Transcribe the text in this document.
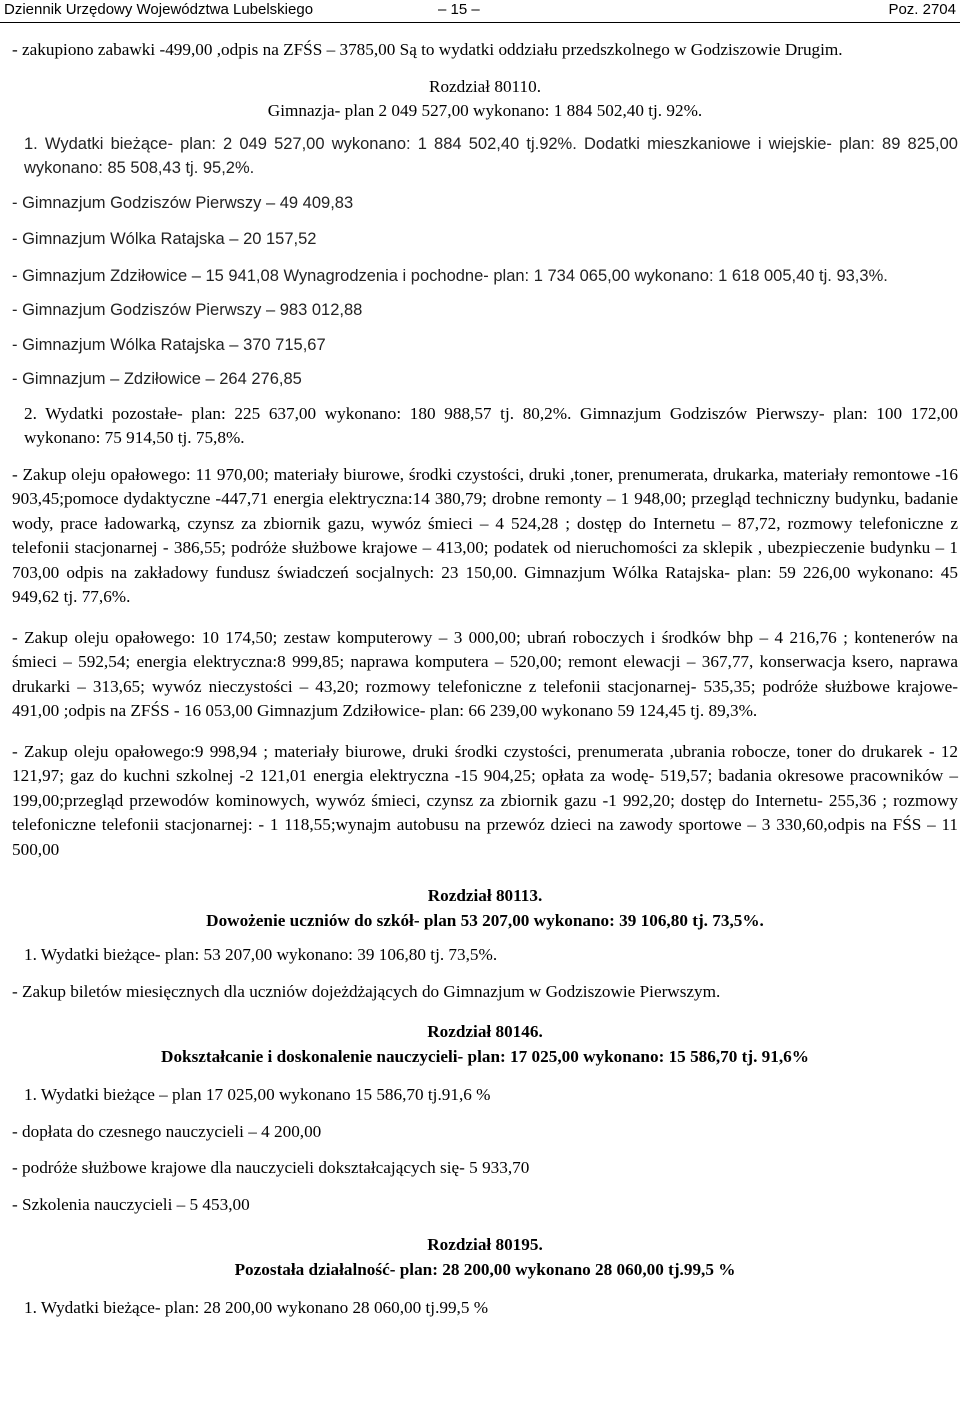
Dziennik Urzędowy Województwa Lubelskiego	– 15 –	Poz. 2704

- zakupiono zabawki -499,00 ,odpis na ZFŚS – 3785,00 Są to wydatki oddziału przedszkolnego w Godziszowie Drugim.

Rozdział 80110.

Gimnazja- plan 2 049 527,00 wykonano: 1 884 502,40 tj. 92%.

1. Wydatki bieżące- plan: 2 049 527,00 wykonano: 1 884 502,40 tj.92%. Dodatki mieszkaniowe i wiejskie- plan: 89 825,00 wykonano: 85 508,43 tj. 95,2%.

- Gimnazjum Godziszów Pierwszy – 49 409,83

- Gimnazjum Wólka Ratajska – 20 157,52

- Gimnazjum Zdziłowice – 15 941,08 Wynagrodzenia i pochodne- plan: 1 734 065,00 wykonano: 1 618 005,40 tj. 93,3%.

- Gimnazjum Godziszów Pierwszy – 983 012,88

- Gimnazjum Wólka Ratajska – 370 715,67

- Gimnazjum – Zdziłowice – 264 276,85

2. Wydatki pozostałe- plan: 225 637,00 wykonano: 180 988,57 tj. 80,2%. Gimnazjum Godziszów Pierwszy- plan: 100 172,00 wykonano: 75 914,50 tj. 75,8%.

- Zakup oleju opałowego: 11 970,00; materiały biurowe, środki czystości, druki ,toner, prenumerata, drukarka, materiały remontowe -16 903,45;pomoce dydaktyczne -447,71 energia elektryczna:14 380,79; drobne remonty – 1 948,00; przegląd techniczny budynku, badanie wody, prace ładowarką, czynsz za zbiornik gazu, wywóz śmieci – 4 524,28 ; dostęp do Internetu – 87,72, rozmowy telefoniczne z telefonii stacjonarnej - 386,55; podróże służbowe krajowe – 413,00; podatek od nieruchomości za sklepik , ubezpieczenie budynku – 1 703,00 odpis na zakładowy fundusz świadczeń socjalnych: 23 150,00. Gimnazjum Wólka Ratajska- plan: 59 226,00 wykonano: 45 949,62 tj. 77,6%.

- Zakup oleju opałowego: 10 174,50; zestaw komputerowy – 3 000,00; ubrań roboczych i środków bhp – 4 216,76 ; kontenerów na śmieci – 592,54; energia elektryczna:8 999,85; naprawa komputera – 520,00; remont elewacji – 367,77, konserwacja ksero, naprawa drukarki – 313,65; wywóz nieczystości – 43,20; rozmowy telefoniczne z telefonii stacjonarnej- 535,35; podróże służbowe krajowe-491,00 ;odpis na ZFŚS - 16 053,00 Gimnazjum Zdziłowice- plan: 66 239,00 wykonano 59 124,45 tj. 89,3%.

- Zakup oleju opałowego:9 998,94 ; materiały biurowe, druki środki czystości, prenumerata ,ubrania robocze, toner do drukarek - 12 121,97; gaz do kuchni szkolnej -2 121,01 energia elektryczna -15 904,25; opłata za wodę- 519,57; badania okresowe pracowników – 199,00;przegląd przewodów kominowych, wywóz śmieci, czynsz za zbiornik gazu -1 992,20; dostęp do Internetu- 255,36 ; rozmowy telefoniczne telefonii stacjonarnej: - 1 118,55;wynajm autobusu na przewóz dzieci na zawody sportowe – 3 330,60,odpis na FŚS – 11 500,00

Rozdział 80113.

Dowożenie uczniów do szkół- plan 53 207,00 wykonano: 39 106,80 tj. 73,5%.

1. Wydatki bieżące- plan: 53 207,00 wykonano: 39 106,80 tj. 73,5%.

- Zakup biletów miesięcznych dla uczniów dojeżdżających do Gimnazjum w Godziszowie Pierwszym.

Rozdział 80146.

Dokształcanie i doskonalenie nauczycieli- plan: 17 025,00 wykonano: 15 586,70 tj. 91,6%

1. Wydatki bieżące – plan 17 025,00 wykonano 15 586,70 tj.91,6 %

- dopłata do czesnego nauczycieli – 4 200,00

- podróże służbowe krajowe dla nauczycieli dokształcających się- 5 933,70

- Szkolenia nauczycieli – 5 453,00

Rozdział 80195.

Pozostała działalność- plan: 28 200,00 wykonano 28 060,00 tj.99,5 %

1. Wydatki bieżące- plan: 28 200,00 wykonano 28 060,00 tj.99,5 %
